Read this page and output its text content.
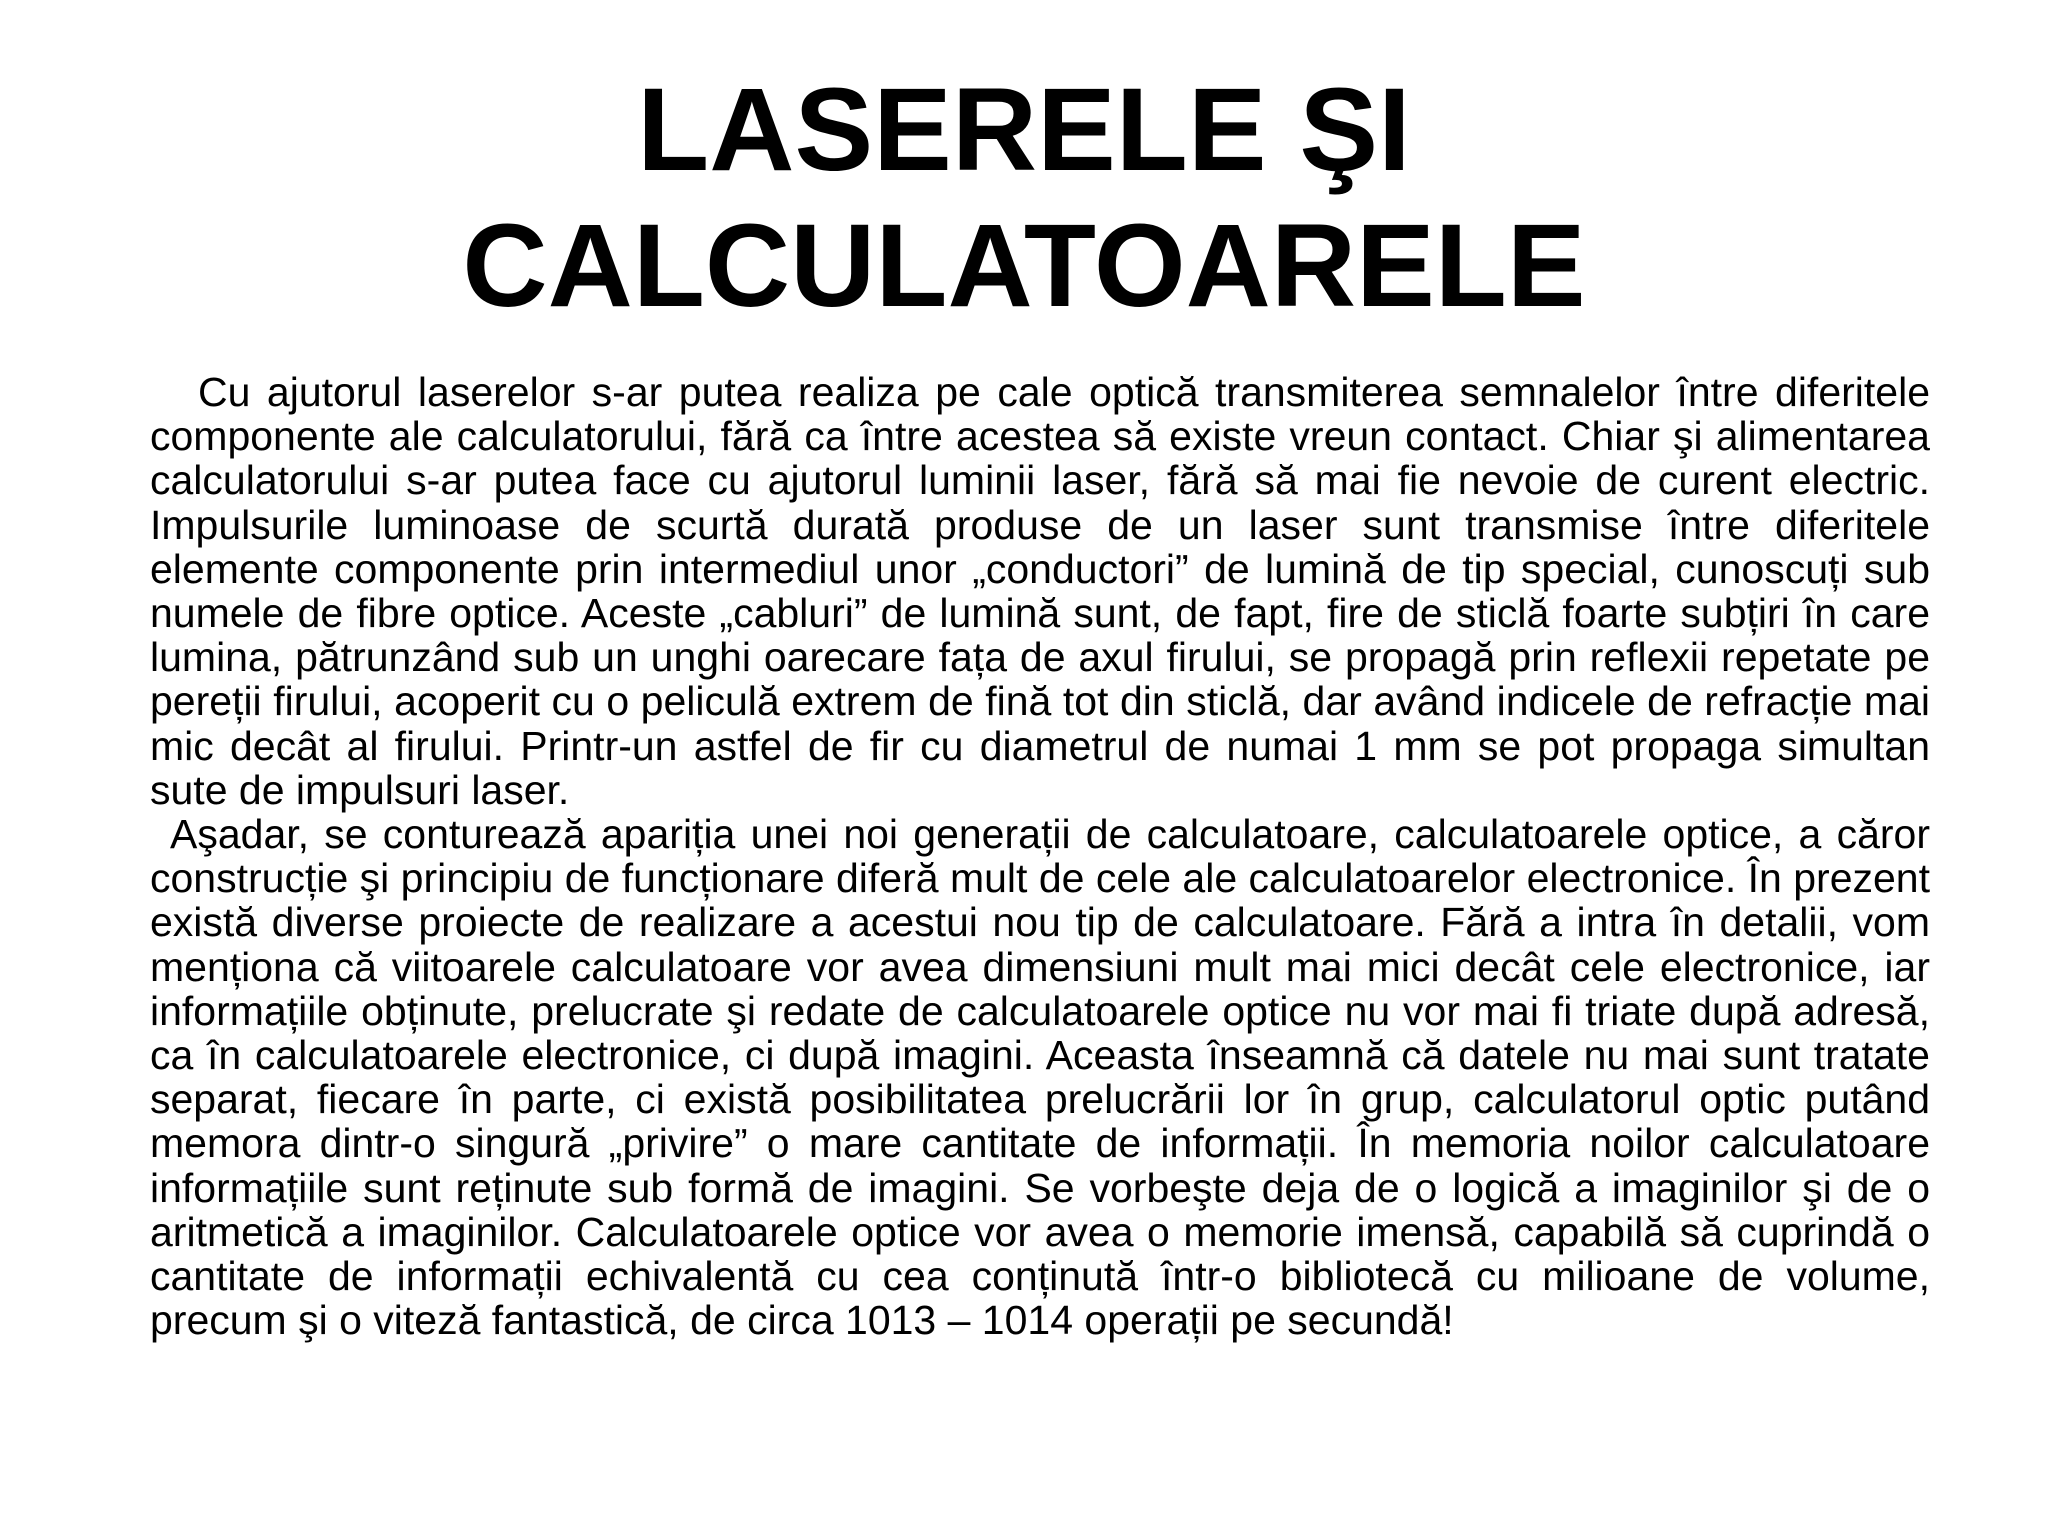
LASERELE ŞI
CALCULATOARELE

Cu ajutorul laserelor s-ar putea realiza pe cale optică transmiterea semnalelor între diferitele componente ale calculatorului, fără ca între acestea să existe vreun contact. Chiar şi alimentarea calculatorului s-ar putea face cu ajutorul luminii laser, fără să mai fie nevoie de curent electric. Impulsurile luminoase de scurtă durată produse de un laser sunt transmise între diferitele elemente componente prin intermediul unor „conductori” de lumină de tip special, cunoscuți sub numele de fibre optice. Aceste „cabluri” de lumină sunt, de fapt, fire de sticlă foarte subțiri în care lumina, pătrunzând sub un unghi oarecare fața de axul firului, se propagă prin reflexii repetate pe pereții firului, acoperit cu o peliculă extrem de fină tot din sticlă, dar având indicele de refracție mai mic decât al firului. Printr-un astfel de fir cu diametrul de numai 1 mm se pot propaga simultan sute de impulsuri laser.

Aşadar, se conturează apariția unei noi generații de calculatoare, calculatoarele optice, a căror construcție şi principiu de funcționare diferă mult de cele ale calculatoarelor electronice. În prezent există diverse proiecte de realizare a acestui nou tip de calculatoare. Fără a intra în detalii, vom menționa că viitoarele calculatoare vor avea dimensiuni mult mai mici decât cele electronice, iar informațiile obținute, prelucrate şi redate de calculatoarele optice nu vor mai fi triate după adresă, ca în calculatoarele electronice, ci după imagini. Aceasta înseamnă că datele nu mai sunt tratate separat, fiecare în parte, ci există posibilitatea prelucrării lor în grup, calculatorul optic putând memora dintr-o singură „privire” o mare cantitate de informații. În memoria noilor calculatoare informațiile sunt reținute sub formă de imagini. Se vorbeşte deja de o logică a imaginilor şi de o aritmetică a imaginilor. Calculatoarele optice vor avea o memorie imensă, capabilă să cuprindă o cantitate de informații echivalentă cu cea conținută într-o bibliotecă cu milioane de volume, precum şi o viteză fantastică, de circa 1013 – 1014 operații pe secundă!
